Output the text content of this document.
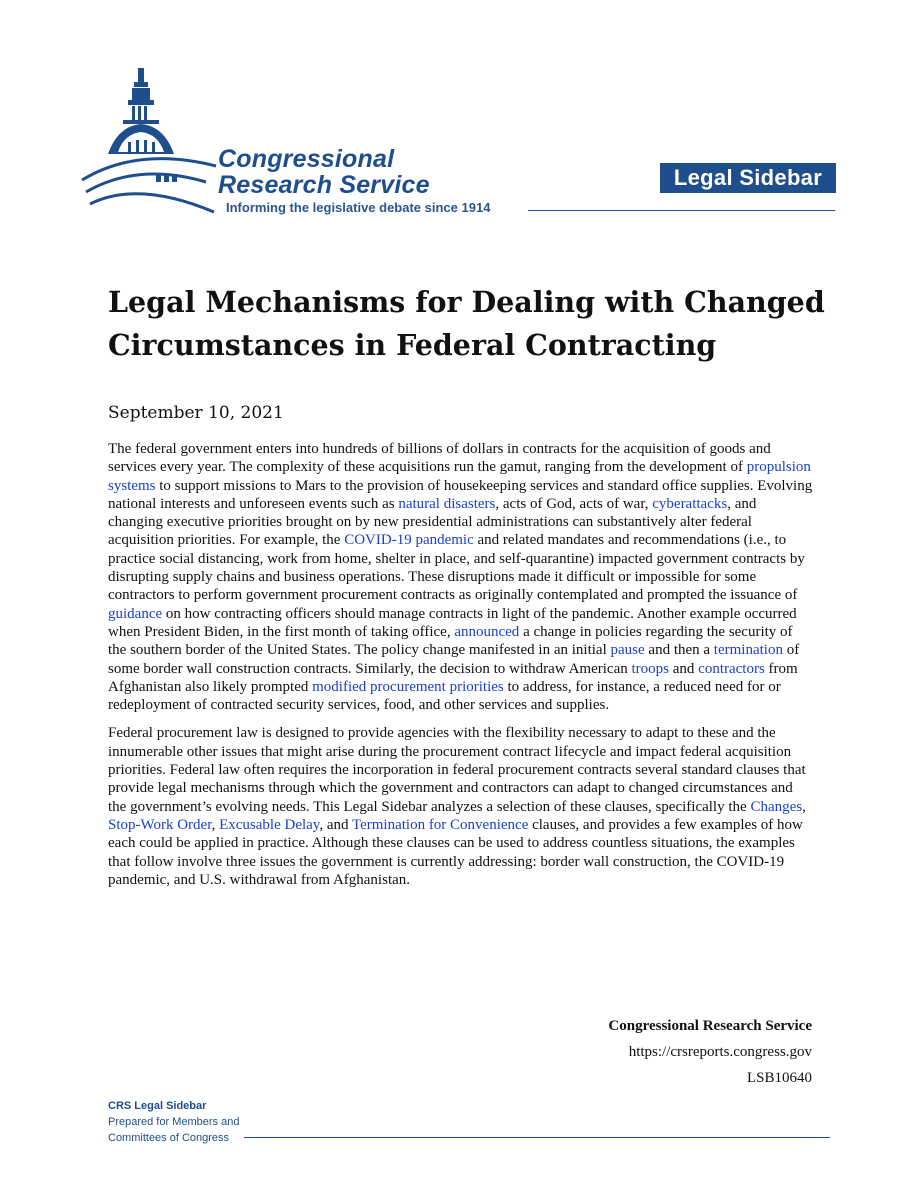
Congressional
Research Service
Informing the legislative debate since 1914
Legal Sidebar
Legal Mechanisms for Dealing with Changed Circumstances in Federal Contracting
September 10, 2021

The federal government enters into hundreds of billions of dollars in contracts for the acquisition of goods and services every year. The complexity of these acquisitions run the gamut, ranging from the development of propulsion systems to support missions to Mars to the provision of housekeeping services and standard office supplies. Evolving national interests and unforeseen events such as natural disasters, acts of God, acts of war, cyberattacks, and changing executive priorities brought on by new presidential administrations can substantively alter federal acquisition priorities. For example, the COVID-19 pandemic and related mandates and recommendations (i.e., to practice social distancing, work from home, shelter in place, and self-quarantine) impacted government contracts by disrupting supply chains and business operations. These disruptions made it difficult or impossible for some contractors to perform government procurement contracts as originally contemplated and prompted the issuance of guidance on how contracting officers should manage contracts in light of the pandemic. Another example occurred when President Biden, in the first month of taking office, announced a change in policies regarding the security of the southern border of the United States. The policy change manifested in an initial pause and then a termination of some border wall construction contracts. Similarly, the decision to withdraw American troops and contractors from Afghanistan also likely prompted modified procurement priorities to address, for instance, a reduced need for or redeployment of contracted security services, food, and other services and supplies.

Federal procurement law is designed to provide agencies with the flexibility necessary to adapt to these and the innumerable other issues that might arise during the procurement contract lifecycle and impact federal acquisition priorities. Federal law often requires the incorporation in federal procurement contracts several standard clauses that provide legal mechanisms through which the government and contractors can adapt to changed circumstances and the government’s evolving needs. This Legal Sidebar analyzes a selection of these clauses, specifically the Changes, Stop-Work Order, Excusable Delay, and Termination for Convenience clauses, and provides a few examples of how each could be applied in practice. Although these clauses can be used to address countless situations, the examples that follow involve three issues the government is currently addressing: border wall construction, the COVID-19 pandemic, and U.S. withdrawal from Afghanistan.

Congressional Research Service
https://crsreports.congress.gov
LSB10640
CRS Legal Sidebar
Prepared for Members and
Committees of Congress
